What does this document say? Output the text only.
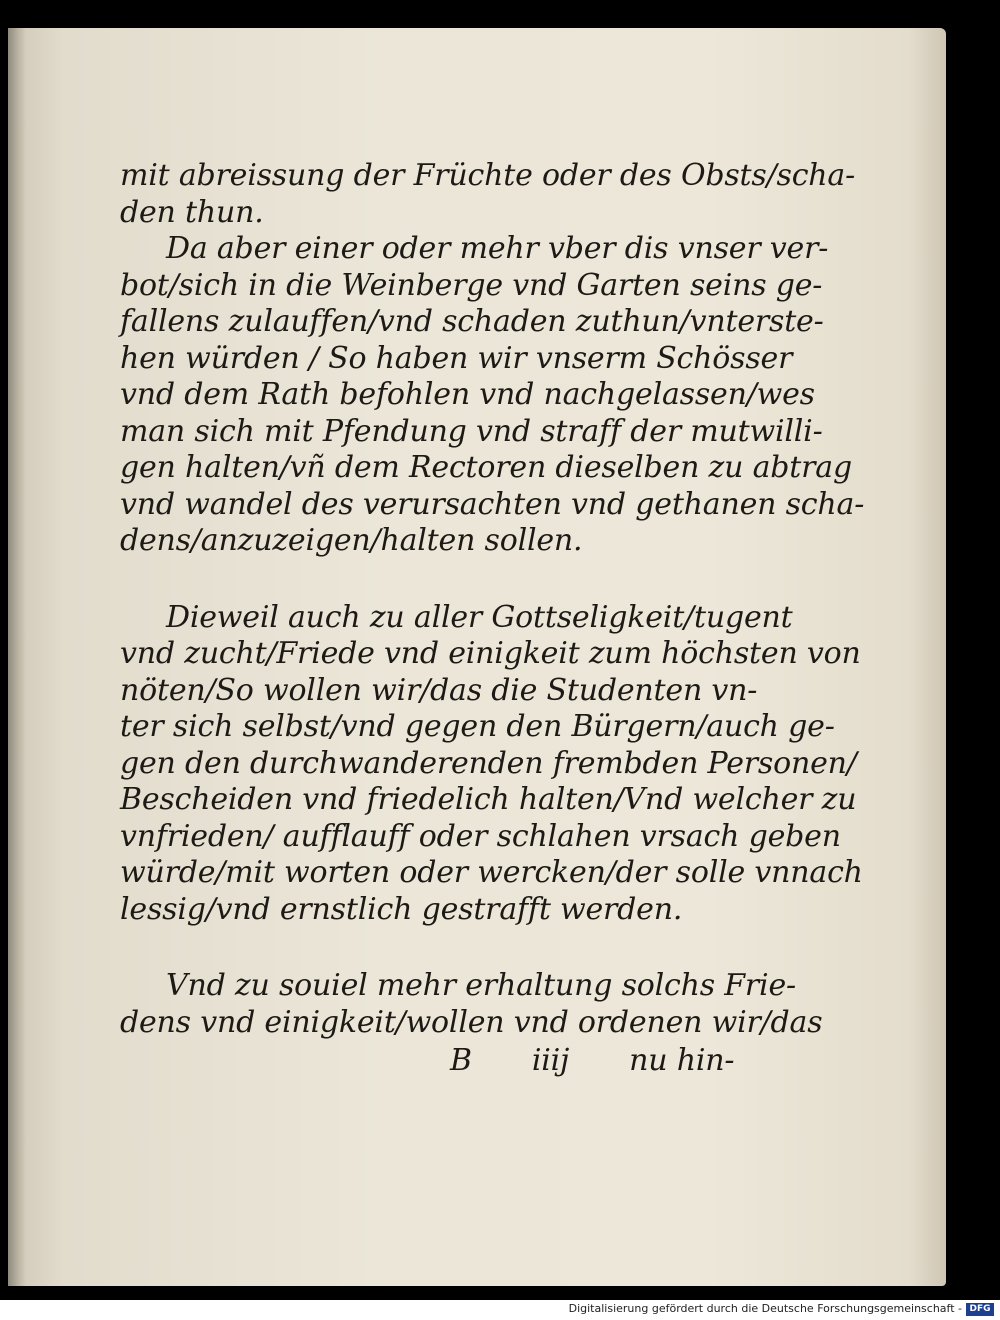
mit abreissung der Früchte oder des Obsts/scha-
den thun.
Da aber einer oder mehr vber dis vnser ver-
bot/sich in die Weinberge vnd Garten seins ge-
fallens zulauffen/vnd schaden zuthun/vnterste-
hen würden / So haben wir vnserm Schösser
vnd dem Rath befohlen vnd nachgelassen/wes
man sich mit Pfendung vnd straff der mutwilli-
gen halten/vñ dem Rectoren dieselben zu abtrag
vnd wandel des verursachten vnd gethanen scha-
dens/anzuzeigen/halten sollen.
Dieweil auch zu aller Gottseligkeit/tugent
vnd zucht/Friede vnd einigkeit zum höchsten von
nöten/So wollen wir/das die Studenten vn-
ter sich selbst/vnd gegen den Bürgern/auch ge-
gen den durchwanderenden frembden Personen/
Bescheiden vnd friedelich halten/Vnd welcher zu
vnfrieden/ aufflauff oder schlahen vrsach geben
würde/mit worten oder wercken/der solle vnnach
lessig/vnd ernstlich gestrafft werden.
Vnd zu souiel mehr erhaltung solchs Frie-
dens vnd einigkeit/wollen vnd ordenen wir/das
B iiij nu hin-
Digitalisierung gefördert durch die Deutsche Forschungsgemeinschaft - DFG
